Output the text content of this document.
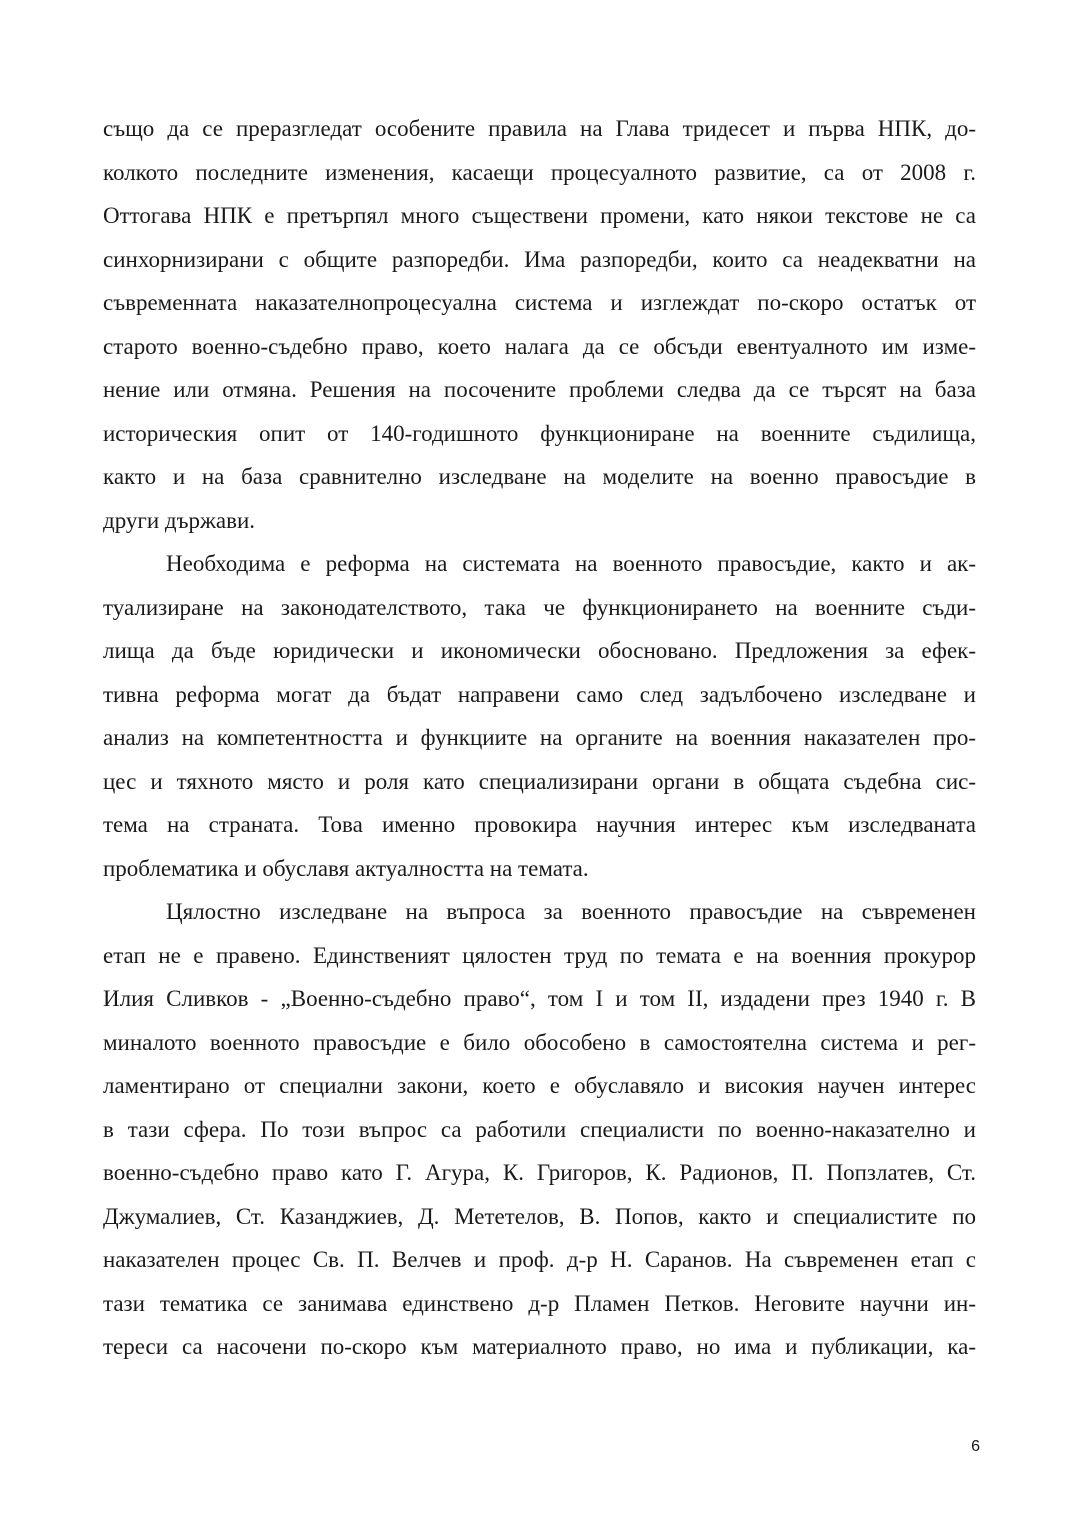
също да се преразгледат особените правила на Глава тридесет и първа НПК, до-
колкото последните изменения, касаещи процесуалното развитие, са от 2008 г.
Оттогава НПК е претърпял много съществени промени, като някои текстове не са
синхорнизирани с общите разпоредби. Има разпоредби, които са неадекватни на
съвременната наказателнопроцесуална система и изглеждат по-скоро остатък от
старото военно-съдебно право, което налага да се обсъди евентуалното им изме-
нение или отмяна. Решения на посочените проблеми следва да се търсят на база
историческия опит от 140-годишното функциониране на военните съдилища,
както и на база сравнително изследване на моделите на военно правосъдие в
други държави.
Необходима е реформа на системата на военното правосъдие, както и ак-
туализиране на законодателството, така че функционирането на военните съди-
лища да бъде юридически и икономически обосновано. Предложения за ефек-
тивна реформа могат да бъдат направени само след задълбочено изследване и
анализ на компетентността и функциите на органите на военния наказателен про-
цес и тяхното място и роля като специализирани органи в общата съдебна сис-
тема на страната. Това именно провокира научния интерес към изследваната
проблематика и обуславя актуалността на темата.
Цялостно изследване на въпроса за военното правосъдие на съвременен
етап не е правено. Единственият цялостен труд по темата е на военния прокурор
Илия Сливков - „Военно-съдебно право“, том I и том II, издадени през 1940 г. В
миналото военното правосъдие е било обособено в самостоятелна система и рег-
ламентирано от специални закони, което е обуславяло и високия научен интерес
в тази сфера. По този въпрос са работили специалисти по военно-наказателно и
военно-съдебно право като Г. Агура, К. Григоров, К. Радионов, П. Попзлатев, Ст.
Джумалиев, Ст. Казанджиев, Д. Мететелов, В. Попов, както и специалистите по
наказателен процес Св. П. Велчев и проф. д-р Н. Саранов. На съвременен етап с
тази тематика се занимава единствено д-р Пламен Петков. Неговите научни ин-
тереси са насочени по-скоро към материалното право, но има и публикации, ка-
6
